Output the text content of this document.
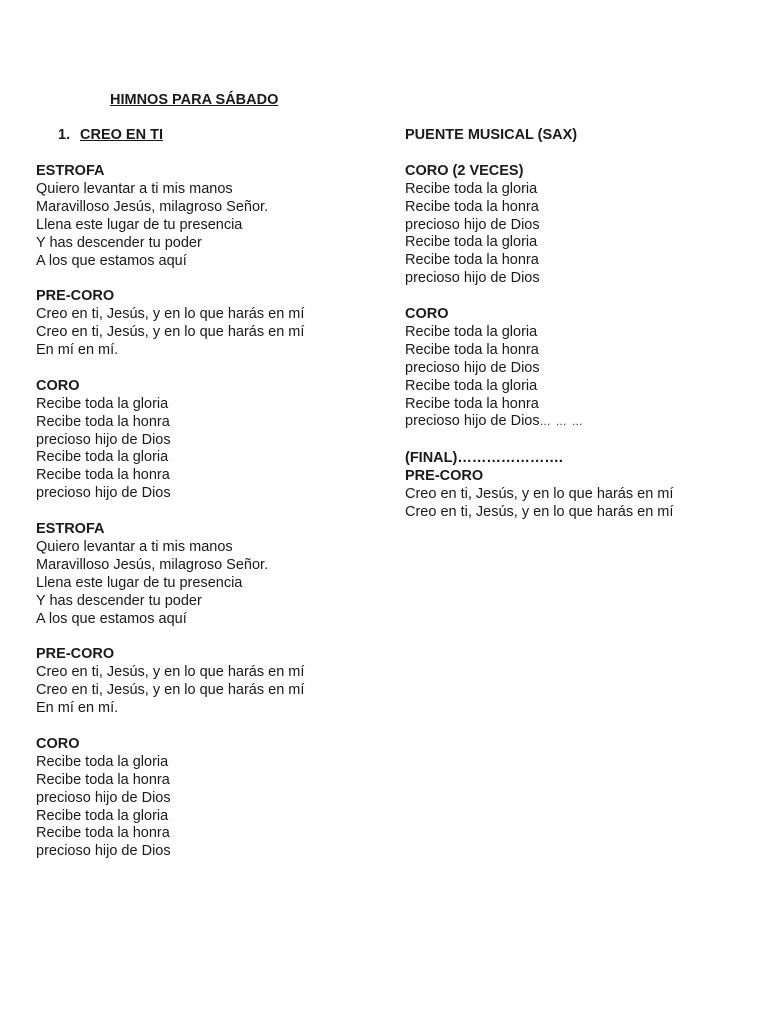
HIMNOS PARA SÁBADO

1. CREO EN TI

ESTROFA

Quiero levantar a ti mis manos

Maravilloso Jesús, milagroso Señor.

Llena este lugar de tu presencia

Y has descender tu poder

A los que estamos aquí

PRE-CORO

Creo en ti, Jesús, y en lo que harás en mí

Creo en ti, Jesús, y en lo que harás en mí

En mí en mí.

CORO

Recibe toda la gloria

Recibe toda la honra

precioso hijo de Dios

Recibe toda la gloria

Recibe toda la honra

precioso hijo de Dios

ESTROFA

Quiero levantar a ti mis manos

Maravilloso Jesús, milagroso Señor.

Llena este lugar de tu presencia

Y has descender tu poder

A los que estamos aquí

PRE-CORO

Creo en ti, Jesús, y en lo que harás en mí

Creo en ti, Jesús, y en lo que harás en mí

En mí en mí.

CORO

Recibe toda la gloria

Recibe toda la honra

precioso hijo de Dios

Recibe toda la gloria

Recibe toda la honra

precioso hijo de Dios

PUENTE MUSICAL (SAX)

CORO (2 VECES)

Recibe toda la gloria

Recibe toda la honra

precioso hijo de Dios

Recibe toda la gloria

Recibe toda la honra

precioso hijo de Dios

CORO

Recibe toda la gloria

Recibe toda la honra

precioso hijo de Dios

Recibe toda la gloria

Recibe toda la honra

precioso hijo de Dios… … …

(FINAL)………………….

PRE-CORO

Creo en ti, Jesús, y en lo que harás en mí

Creo en ti, Jesús, y en lo que harás en mí
